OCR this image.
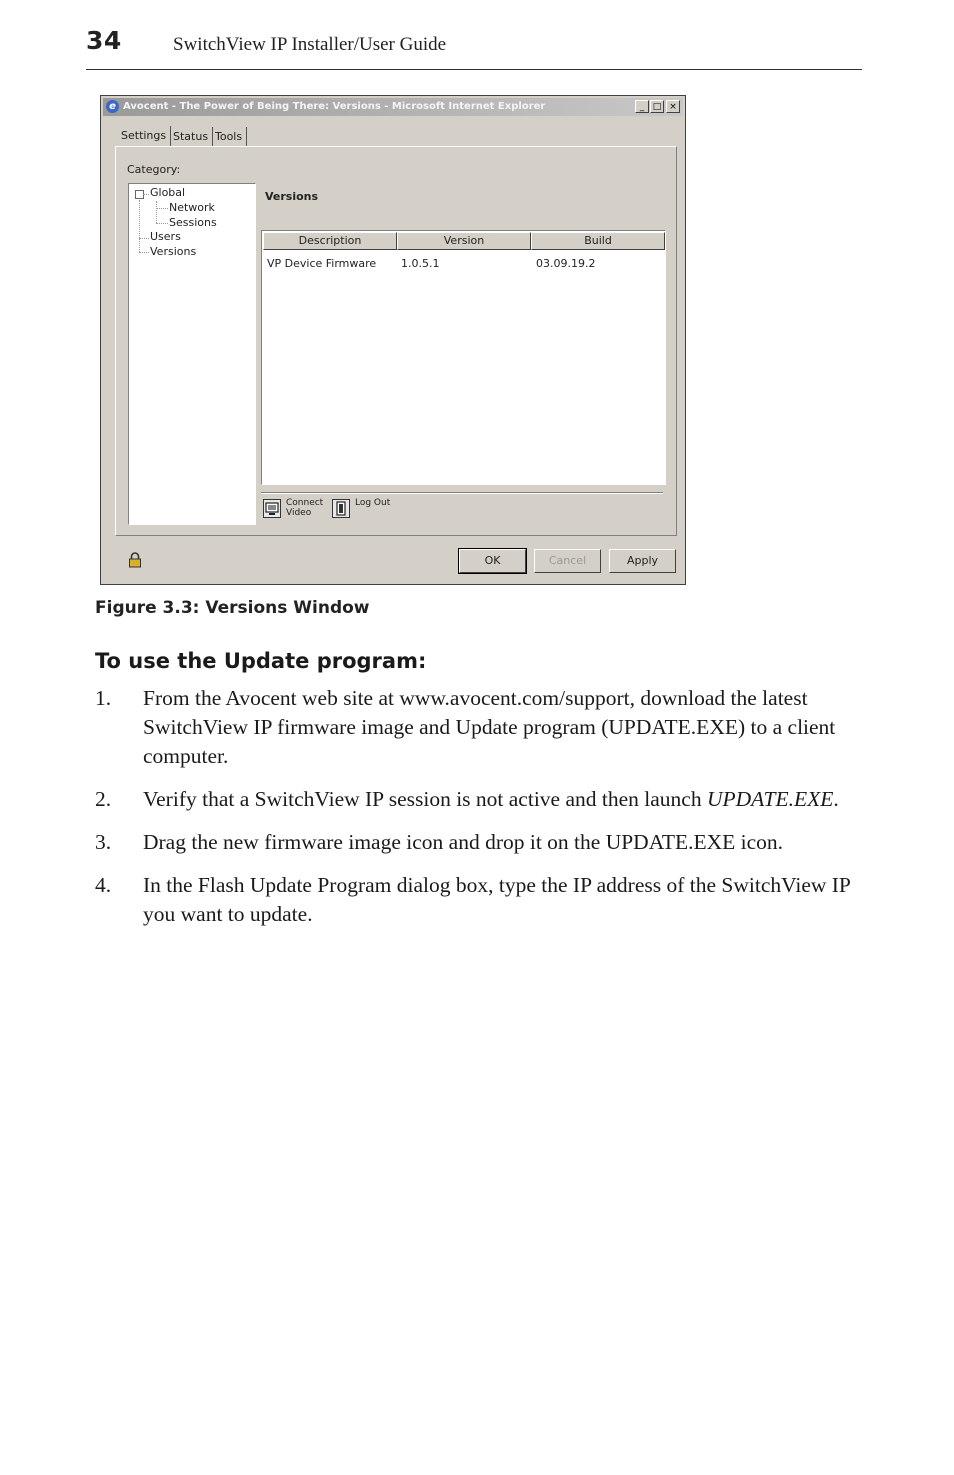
34	SwitchView IP Installer/User Guide
e Avocent - The Power of Being There: Versions - Microsoft Internet Explorer	_ □ ×
Settings Status Tools
Category:
Global
Network
Sessions
Users
Versions
Versions
Description	Version	Build
VP Device Firmware 1.0.5.1	03.09.19.2
Connect
Video
Log Out
OK	Cancel	Apply
Figure 3.3: Versions Window
To use the Update program:
1. From the Avocent web site at www.avocent.com/support, download the latest SwitchView IP firmware image and Update program (UPDATE.EXE) to a client computer.
2. Verify that a SwitchView IP session is not active and then launch UPDATE.EXE.
3. Drag the new firmware image icon and drop it on the UPDATE.EXE icon.
4. In the Flash Update Program dialog box, type the IP address of the SwitchView IP you want to update.
